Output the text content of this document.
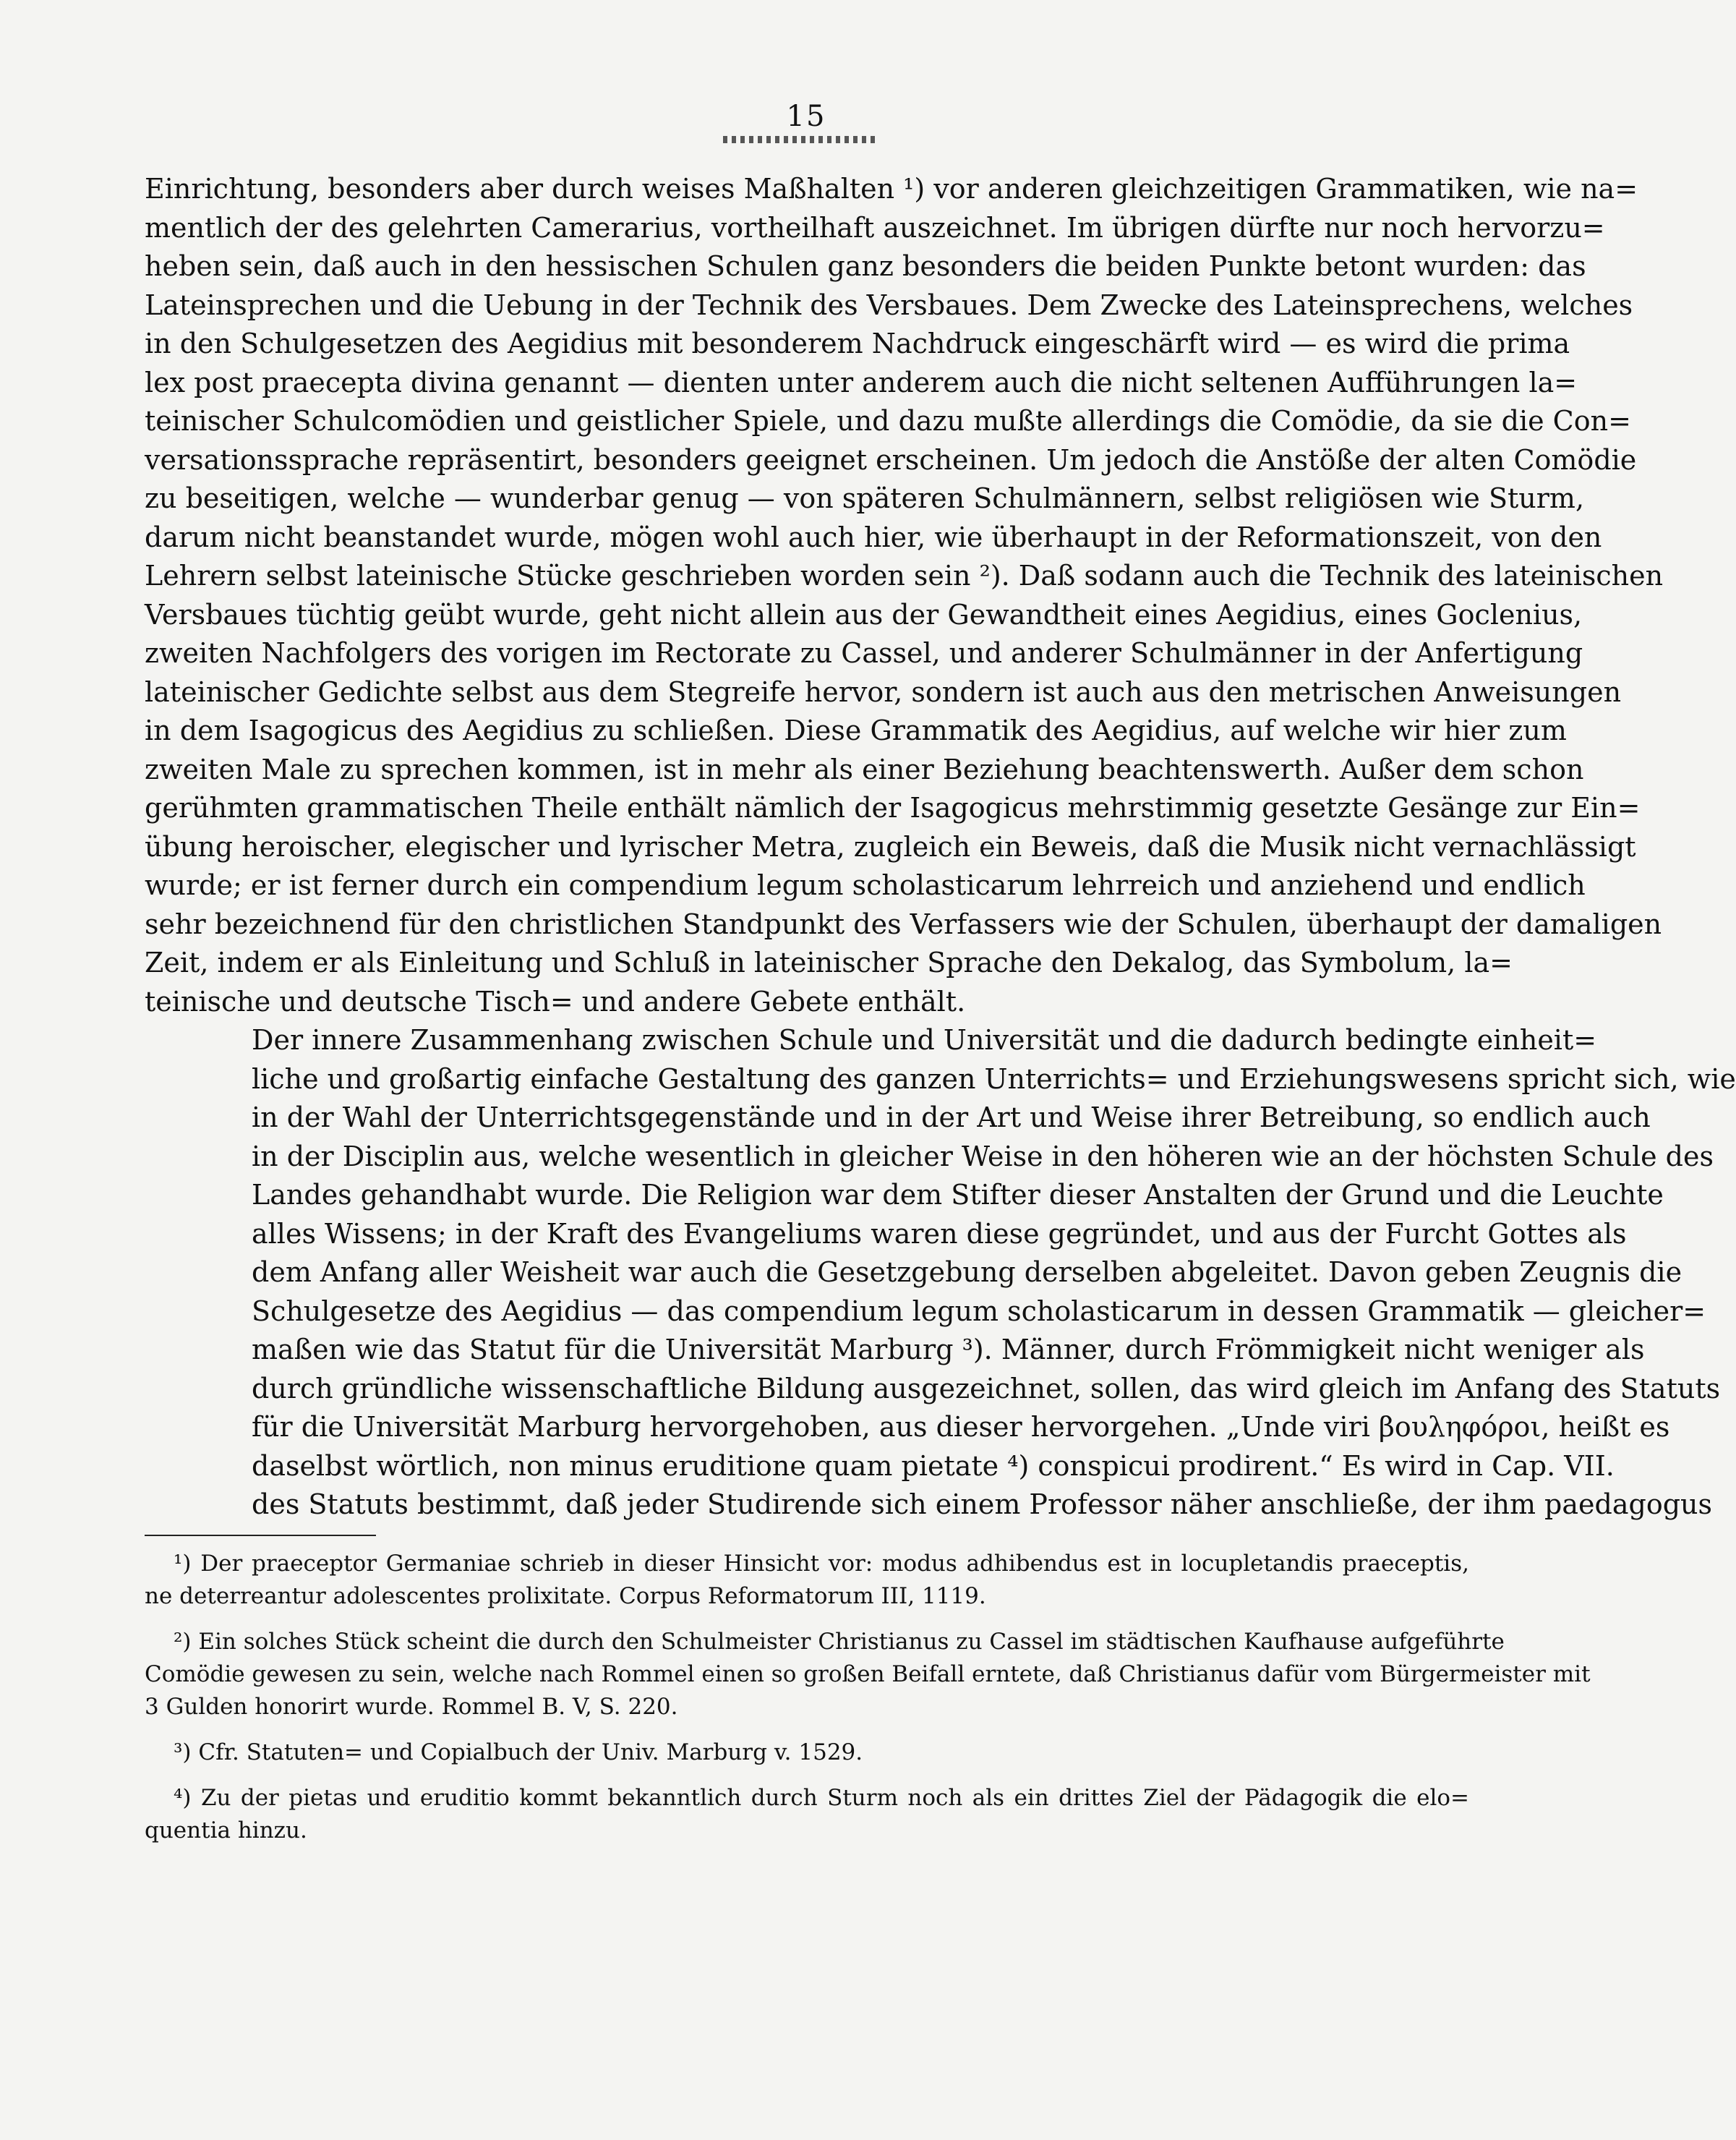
15

Einrichtung, besonders aber durch weises Maßhalten ¹) vor anderen gleichzeitigen Grammatiken, wie na=
mentlich der des gelehrten Camerarius, vortheilhaft auszeichnet. Im übrigen dürfte nur noch hervorzu=
heben sein, daß auch in den hessischen Schulen ganz besonders die beiden Punkte betont wurden: das
Lateinsprechen und die Uebung in der Technik des Versbaues. Dem Zwecke des Lateinsprechens, welches
in den Schulgesetzen des Aegidius mit besonderem Nachdruck eingeschärft wird — es wird die prima
lex post praecepta divina genannt — dienten unter anderem auch die nicht seltenen Aufführungen la=
teinischer Schulcomödien und geistlicher Spiele, und dazu mußte allerdings die Comödie, da sie die Con=
versationssprache repräsentirt, besonders geeignet erscheinen. Um jedoch die Anstöße der alten Comödie
zu beseitigen, welche — wunderbar genug — von späteren Schulmännern, selbst religiösen wie Sturm,
darum nicht beanstandet wurde, mögen wohl auch hier, wie überhaupt in der Reformationszeit, von den
Lehrern selbst lateinische Stücke geschrieben worden sein ²). Daß sodann auch die Technik des lateinischen
Versbaues tüchtig geübt wurde, geht nicht allein aus der Gewandtheit eines Aegidius, eines Goclenius,
zweiten Nachfolgers des vorigen im Rectorate zu Cassel, und anderer Schulmänner in der Anfertigung
lateinischer Gedichte selbst aus dem Stegreife hervor, sondern ist auch aus den metrischen Anweisungen
in dem Isagogicus des Aegidius zu schließen. Diese Grammatik des Aegidius, auf welche wir hier zum
zweiten Male zu sprechen kommen, ist in mehr als einer Beziehung beachtenswerth. Außer dem schon
gerühmten grammatischen Theile enthält nämlich der Isagogicus mehrstimmig gesetzte Gesänge zur Ein=
übung heroischer, elegischer und lyrischer Metra, zugleich ein Beweis, daß die Musik nicht vernachlässigt
wurde; er ist ferner durch ein compendium legum scholasticarum lehrreich und anziehend und endlich
sehr bezeichnend für den christlichen Standpunkt des Verfassers wie der Schulen, überhaupt der damaligen
Zeit, indem er als Einleitung und Schluß in lateinischer Sprache den Dekalog, das Symbolum, la=
teinische und deutsche Tisch= und andere Gebete enthält.

Der innere Zusammenhang zwischen Schule und Universität und die dadurch bedingte einheit=
liche und großartig einfache Gestaltung des ganzen Unterrichts= und Erziehungswesens spricht sich, wie
in der Wahl der Unterrichtsgegenstände und in der Art und Weise ihrer Betreibung, so endlich auch
in der Disciplin aus, welche wesentlich in gleicher Weise in den höheren wie an der höchsten Schule des
Landes gehandhabt wurde. Die Religion war dem Stifter dieser Anstalten der Grund und die Leuchte
alles Wissens; in der Kraft des Evangeliums waren diese gegründet, und aus der Furcht Gottes als
dem Anfang aller Weisheit war auch die Gesetzgebung derselben abgeleitet. Davon geben Zeugnis die
Schulgesetze des Aegidius — das compendium legum scholasticarum in dessen Grammatik — gleicher=
maßen wie das Statut für die Universität Marburg ³). Männer, durch Frömmigkeit nicht weniger als
durch gründliche wissenschaftliche Bildung ausgezeichnet, sollen, das wird gleich im Anfang des Statuts
für die Universität Marburg hervorgehoben, aus dieser hervorgehen. „Unde viri βουληφόροι, heißt es
daselbst wörtlich, non minus eruditione quam pietate ⁴) conspicui prodirent.“ Es wird in Cap. VII.
des Statuts bestimmt, daß jeder Studirende sich einem Professor näher anschließe, der ihm paedagogus

¹) Der praeceptor Germaniae schrieb in dieser Hinsicht vor: modus adhibendus est in locupletandis praeceptis,
ne deterreantur adolescentes prolixitate. Corpus Reformatorum III, 1119.
²) Ein solches Stück scheint die durch den Schulmeister Christianus zu Cassel im städtischen Kaufhause aufgeführte
Comödie gewesen zu sein, welche nach Rommel einen so großen Beifall erntete, daß Christianus dafür vom Bürgermeister mit
3 Gulden honorirt wurde. Rommel B. V, S. 220.
³) Cfr. Statuten= und Copialbuch der Univ. Marburg v. 1529.
⁴) Zu der pietas und eruditio kommt bekanntlich durch Sturm noch als ein drittes Ziel der Pädagogik die elo=
quentia hinzu.
